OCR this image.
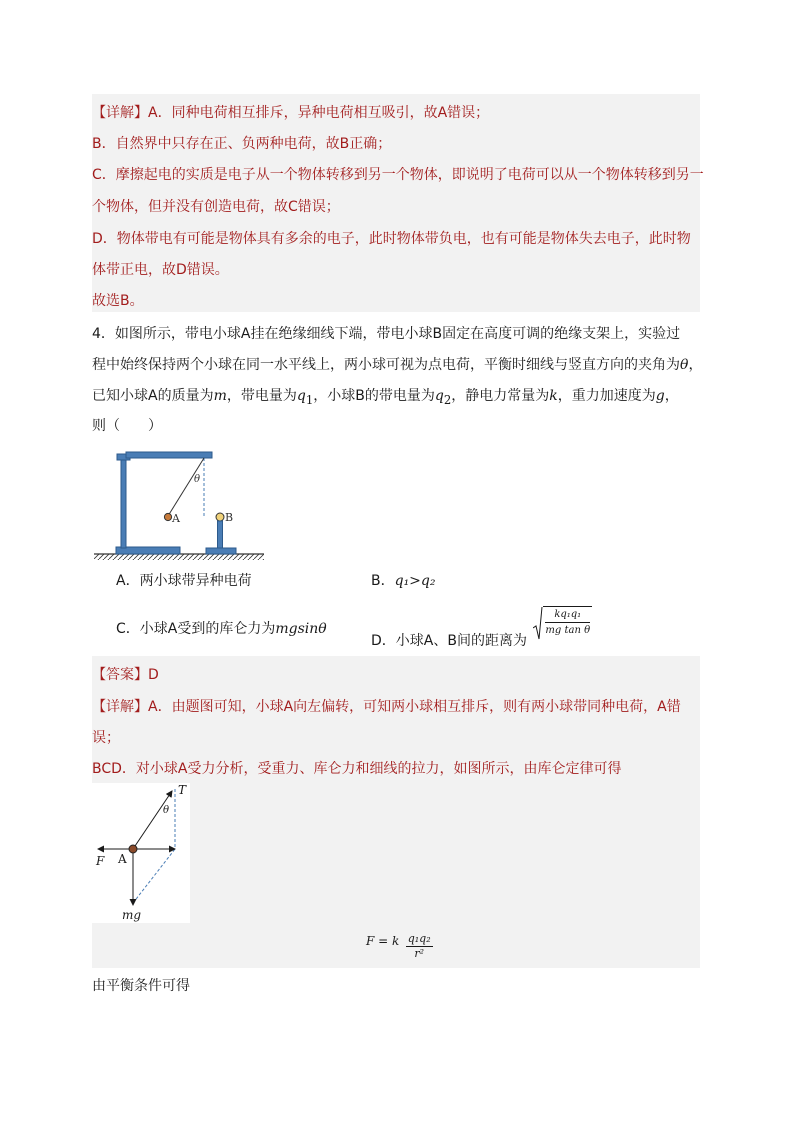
【详解】A．同种电荷相互排斥，异种电荷相互吸引，故A错误；
B．自然界中只存在正、负两种电荷，故B正确；
C．摩擦起电的实质是电子从一个物体转移到另一个物体，即说明了电荷可以从一个物体转移到另一
个物体，但并没有创造电荷，故C错误；
D．物体带电有可能是物体具有多余的电子，此时物体带负电，也有可能是物体失去电子，此时物
体带正电，故D错误。
故选B。
4．如图所示，带电小球A挂在绝缘细线下端，带电小球B固定在高度可调的绝缘支架上，实验过
程中始终保持两个小球在同一水平线上，两小球可视为点电荷，平衡时细线与竖直方向的夹角为θ，
已知小球A的质量为m，带电量为$q_1$，小球B的带电量为$q_2$，静电力常量为k，重力加速度为g，
则（　　）
θ
A	B
A．两小球带异种电荷	B．q₁>q₂
C．小球A受到的库仑力为mgsinθ
D．小球A、B间的距离为
$\frac{\text{kq₁q₁}}{\text{mg tan θ}}$
【答案】D
【详解】A．由题图可知，小球A向左偏转，可知两小球相互排斥，则有两小球带同种电荷，A错
误；
BCD．对小球A受力分析，受重力、库仑力和细线的拉力，如图所示，由库仑定律可得
T
θ
F A
mg
F = k $\frac{\text{q₁q₂}}{\text{r²}}$
由平衡条件可得
